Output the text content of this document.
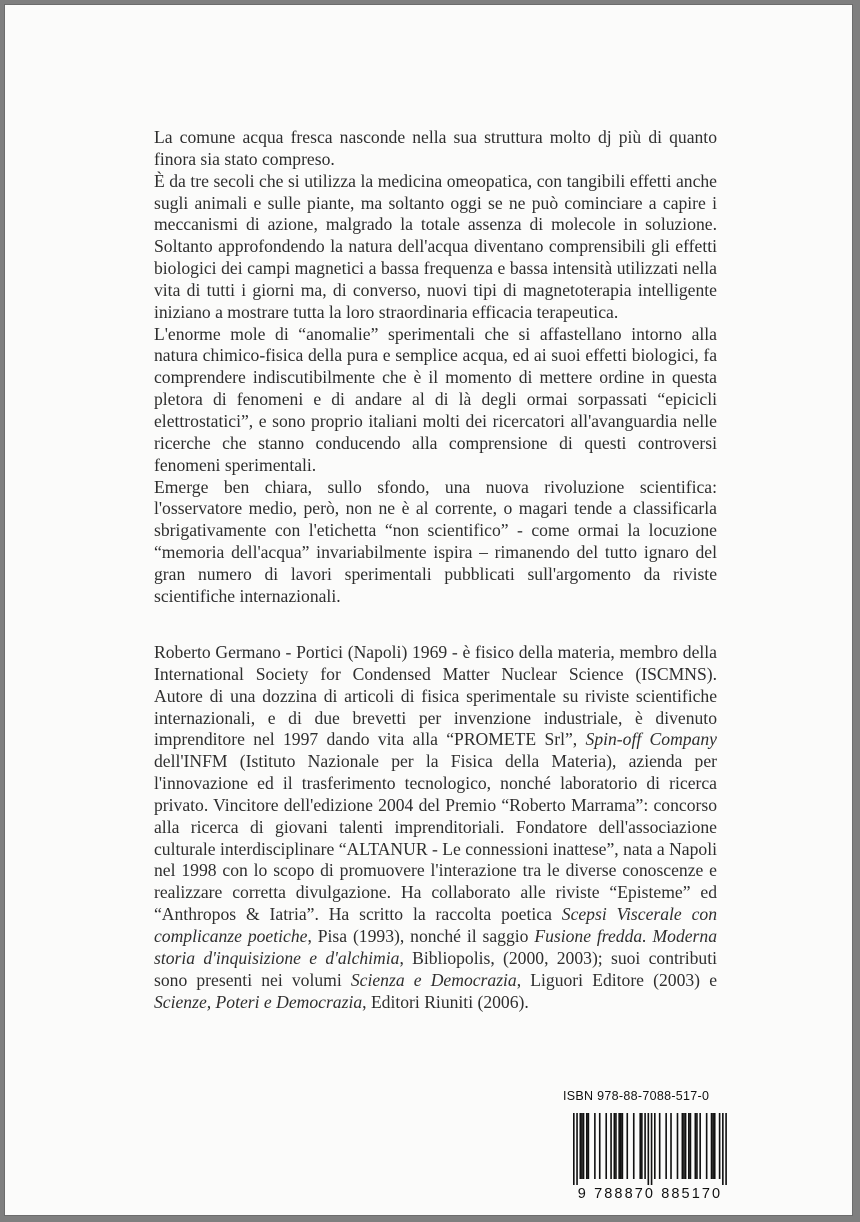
La comune acqua fresca nasconde nella sua struttura molto dj più di quanto finora sia stato compreso.

È da tre secoli che si utilizza la medicina omeopatica, con tangibili effetti anche sugli animali e sulle piante, ma soltanto oggi se ne può cominciare a capire i meccanismi di azione, malgrado la totale assenza di molecole in soluzione. Soltanto approfondendo la natura dell'acqua diventano comprensibili gli effetti biologici dei campi magnetici a bassa frequenza e bassa intensità utilizzati nella vita di tutti i giorni ma, di converso, nuovi tipi di magnetoterapia intelligente iniziano a mostrare tutta la loro straordinaria efficacia terapeutica.

L'enorme mole di “anomalie” sperimentali che si affastellano intorno alla natura chimico-fisica della pura e semplice acqua, ed ai suoi effetti biologici, fa comprendere indiscutibilmente che è il momento di mettere ordine in questa pletora di fenomeni e di andare al di là degli ormai sorpassati “epicicli elettrostatici”, e sono proprio italiani molti dei ricercatori all'avanguardia nelle ricerche che stanno conducendo alla comprensione di questi controversi fenomeni sperimentali.

Emerge ben chiara, sullo sfondo, una nuova rivoluzione scientifica: l'osservatore medio, però, non ne è al corrente, o magari tende a classificarla sbrigativamente con l'etichetta “non scientifico” - come ormai la locuzione “memoria dell'acqua” invariabilmente ispira – rimanendo del tutto ignaro del gran numero di lavori sperimentali pubblicati sull'argomento da riviste scientifiche internazionali.

Roberto Germano - Portici (Napoli) 1969 - è fisico della materia, membro della International Society for Condensed Matter Nuclear Science (ISCMNS). Autore di una dozzina di articoli di fisica sperimentale su riviste scientifiche internazionali, e di due brevetti per invenzione industriale, è divenuto imprenditore nel 1997 dando vita alla “PROMETE Srl”, Spin-off Company dell'INFM (Istituto Nazionale per la Fisica della Materia), azienda per l'innovazione ed il trasferimento tecnologico, nonché laboratorio di ricerca privato. Vincitore dell'edizione 2004 del Premio “Roberto Marrama”: concorso alla ricerca di giovani talenti imprenditoriali. Fondatore dell'associazione culturale interdisciplinare “ALTANUR - Le connessioni inattese”, nata a Napoli nel 1998 con lo scopo di promuovere l'interazione tra le diverse conoscenze e realizzare corretta divulgazione. Ha collaborato alle riviste “Episteme” ed “Anthropos & Iatria”. Ha scritto la raccolta poetica Scepsi Viscerale con complicanze poetiche, Pisa (1993), nonché il saggio Fusione fredda. Moderna storia d'inquisizione e d'alchimia, Bibliopolis, (2000, 2003); suoi contributi sono presenti nei volumi Scienza e Democrazia, Liguori Editore (2003) e Scienze, Poteri e Democrazia, Editori Riuniti (2006).

ISBN 978-88-7088-517-0
9 788870 885170
